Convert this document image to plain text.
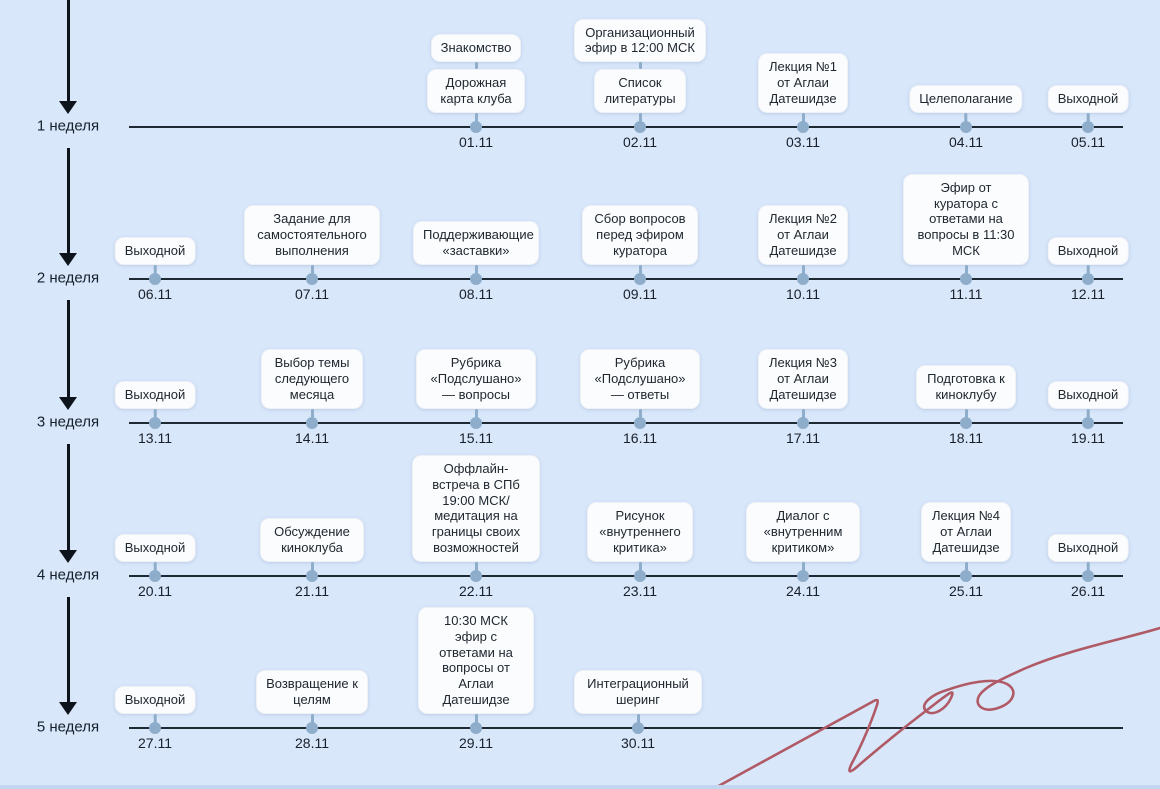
1 неделя
2 неделя
3 неделя
4 неделя
5 неделя
Знакомство
Дорожная карта клуба
01.11
Организационный эфир в 12:00 МСК
Список литературы
02.11
Лекция №1 от Аглаи Датешидзе
03.11
Целеполагание
04.11
Выходной
05.11
Выходной
06.11
Задание для самостоятельного выполнения
07.11
Поддерживающие «заставки»
08.11
Сбор вопросов перед эфиром куратора
09.11
Лекция №2 от Аглаи Датешидзе
10.11
Эфир от куратора с ответами на вопросы в 11:30 МСК
11.11
Выходной
12.11
Выходной
13.11
Выбор темы следующего месяца
14.11
Рубрика «Подслушано» — вопросы
15.11
Рубрика «Подслушано» — ответы
16.11
Лекция №3 от Аглаи Датешидзе
17.11
Подготовка к киноклубу
18.11
Выходной
19.11
Выходной
20.11
Обсуждение киноклуба
21.11
Оффлайн-встреча в СПб 19:00 МСК/ медитация на границы своих возможностей
22.11
Рисунок «внутреннего критика»
23.11
Диалог с «внутренним критиком»
24.11
Лекция №4 от Аглаи Датешидзе
25.11
Выходной
26.11
Выходной
27.11
Возвращение к целям
28.11
10:30 МСК эфир с ответами на вопросы от Аглаи Датешидзе
29.11
Интеграционный шеринг
30.11
